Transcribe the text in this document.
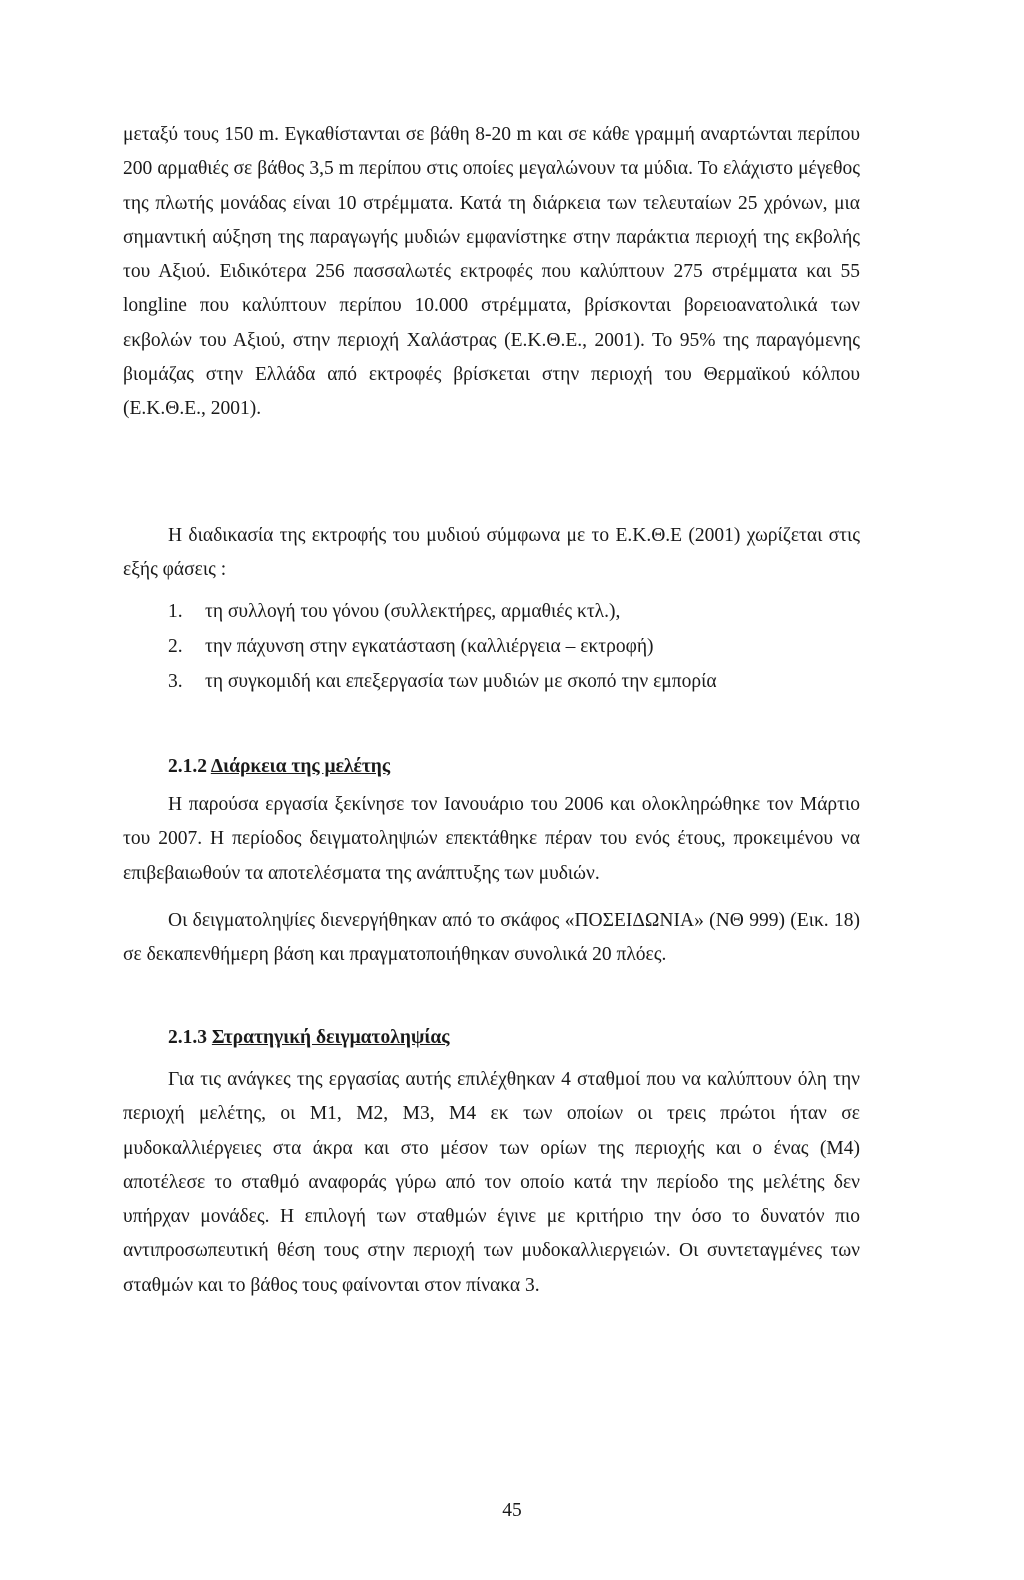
μεταξύ τους 150 m. Εγκαθίστανται σε βάθη 8-20 m και σε κάθε γραμμή αναρτώνται περίπου 200 αρμαθιές σε βάθος 3,5 m περίπου στις οποίες μεγαλώνουν τα μύδια. Το ελάχιστο μέγεθος της πλωτής μονάδας είναι 10 στρέμματα. Κατά τη διάρκεια των τελευταίων 25 χρόνων, μια σημαντική αύξηση της παραγωγής μυδιών εμφανίστηκε στην παράκτια περιοχή της εκβολής του Αξιού. Ειδικότερα 256 πασσαλωτές εκτροφές που καλύπτουν 275 στρέμματα και 55 longline που καλύπτουν περίπου 10.000 στρέμματα, βρίσκονται βορειοανατολικά των εκβολών του Αξιού, στην περιοχή Χαλάστρας (Ε.Κ.Θ.Ε., 2001). Το 95% της παραγόμενης βιομάζας στην Ελλάδα από εκτροφές βρίσκεται στην περιοχή του Θερμαϊκού κόλπου (Ε.Κ.Θ.Ε., 2001).

Η διαδικασία της εκτροφής του μυδιού σύμφωνα με το Ε.Κ.Θ.Ε (2001) χωρίζεται στις εξής φάσεις :

1. τη συλλογή του γόνου (συλλεκτήρες, αρμαθιές κτλ.),
2. την πάχυνση στην εγκατάσταση (καλλιέργεια – εκτροφή)
3. τη συγκομιδή και επεξεργασία των μυδιών με σκοπό την εμπορία
2.1.2 Διάρκεια της μελέτης

Η παρούσα εργασία ξεκίνησε τον Ιανουάριο του 2006 και ολοκληρώθηκε τον Μάρτιο του 2007. Η περίοδος δειγματοληψιών επεκτάθηκε πέραν του ενός έτους, προκειμένου να επιβεβαιωθούν τα αποτελέσματα της ανάπτυξης των μυδιών.

Οι δειγματοληψίες διενεργήθηκαν από το σκάφος «ΠΟΣΕΙΔΩΝΙΑ» (ΝΘ 999) (Εικ. 18) σε δεκαπενθήμερη βάση και πραγματοποιήθηκαν συνολικά 20 πλόες.

2.1.3 Στρατηγική δειγματοληψίας

Για τις ανάγκες της εργασίας αυτής επιλέχθηκαν 4 σταθμοί που να καλύπτουν όλη την περιοχή μελέτης, οι Μ1, Μ2, Μ3, Μ4 εκ των οποίων οι τρεις πρώτοι ήταν σε μυδοκαλλιέργειες στα άκρα και στο μέσον των ορίων της περιοχής και ο ένας (Μ4) αποτέλεσε το σταθμό αναφοράς γύρω από τον οποίο κατά την περίοδο της μελέτης δεν υπήρχαν μονάδες. Η επιλογή των σταθμών έγινε με κριτήριο την όσο το δυνατόν πιο αντιπροσωπευτική θέση τους στην περιοχή των μυδοκαλλιεργειών. Οι συντεταγμένες των σταθμών και το βάθος τους φαίνονται στον πίνακα 3.

45
